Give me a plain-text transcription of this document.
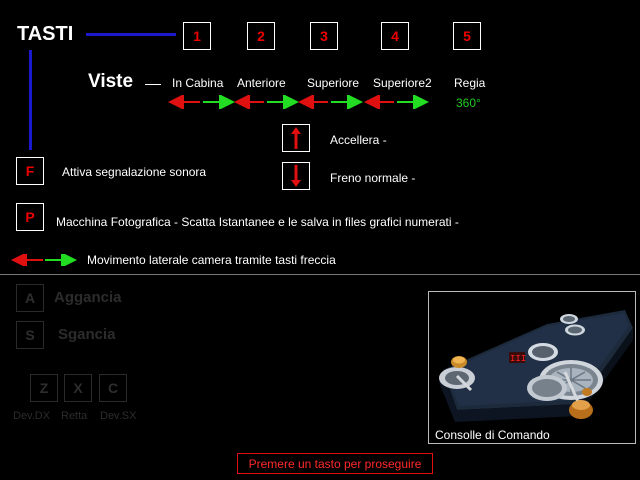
TASTI	1	2	3	4	5
Viste	In Cabina Anteriore Superiore Superiore2 Regia
360°
Accellera -
Freno normale -
F	Attiva segnalazione sonora
P	Macchina Fotografica - Scatta Istantanee e le salva in files grafici numerati -
Movimento laterale camera tramite tasti freccia
A	Aggancia
S	Sgancia
Z	X	C
Dev.DX Retta Dev.SX
III
Consolle di Comando
Premere un tasto per proseguire
